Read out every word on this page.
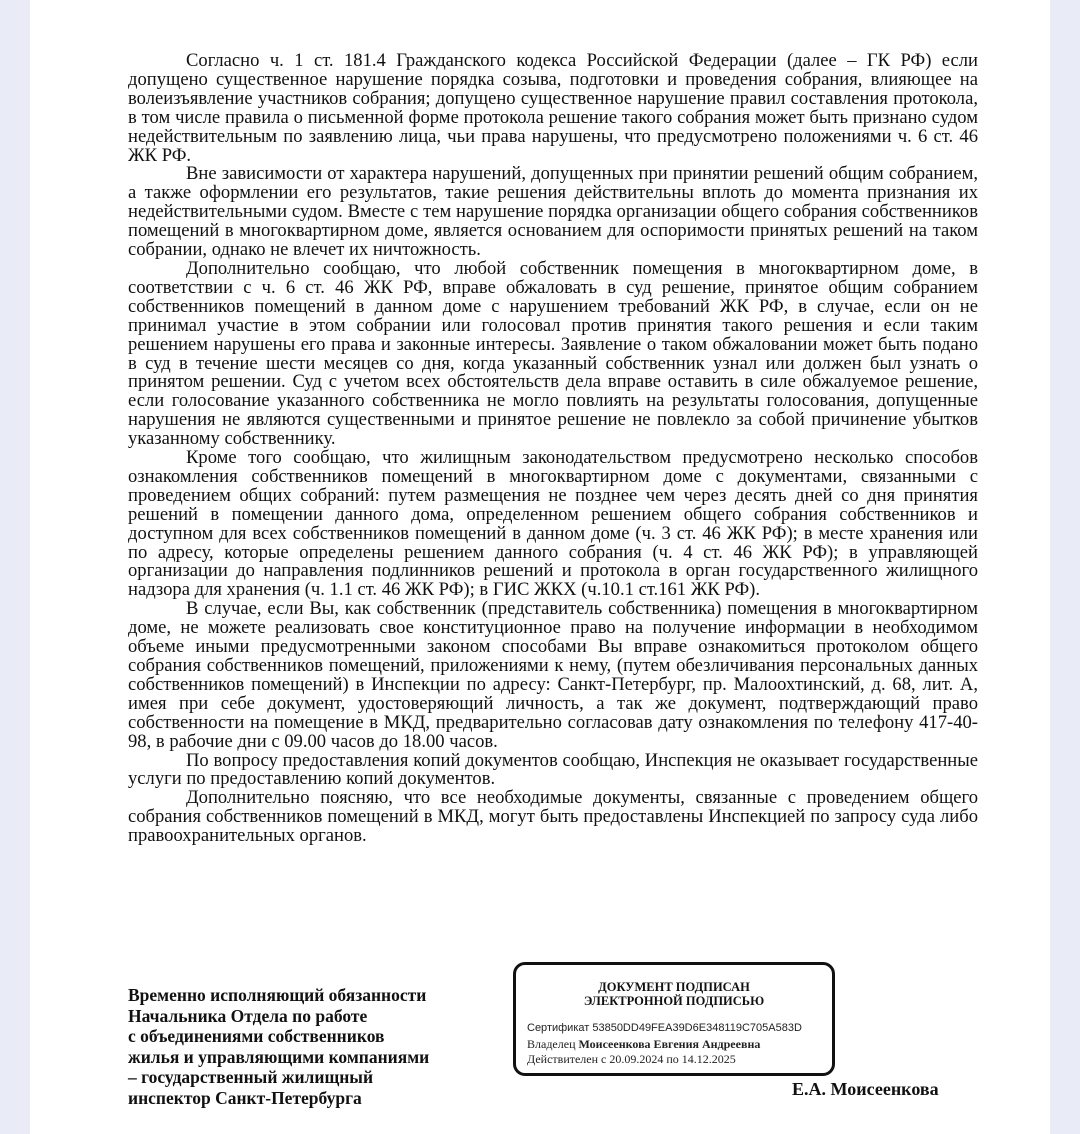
Согласно ч. 1 ст. 181.4 Гражданского кодекса Российской Федерации (далее – ГК РФ) если допущено существенное нарушение порядка созыва, подготовки и проведения собрания, влияющее на волеизъявление участников собрания; допущено существенное нарушение правил составления протокола, в том числе правила о письменной форме протокола решение такого собрания может быть признано судом недействительным по заявлению лица, чьи права нарушены, что предусмотрено положениями ч. 6 ст. 46 ЖК РФ.

Вне зависимости от характера нарушений, допущенных при принятии решений общим собранием, а также оформлении его результатов, такие решения действительны вплоть до момента признания их недействительными судом. Вместе с тем нарушение порядка организации общего собрания собственников помещений в многоквартирном доме, является основанием для оспоримости принятых решений на таком собрании, однако не влечет их ничтожность.

Дополнительно сообщаю, что любой собственник помещения в многоквартирном доме, в соответствии с ч. 6 ст. 46 ЖК РФ, вправе обжаловать в суд решение, принятое общим собранием собственников помещений в данном доме с нарушением требований ЖК РФ, в случае, если он не принимал участие в этом собрании или голосовал против принятия такого решения и если таким решением нарушены его права и законные интересы. Заявление о таком обжаловании может быть подано в суд в течение шести месяцев со дня, когда указанный собственник узнал или должен был узнать о принятом решении. Суд с учетом всех обстоятельств дела вправе оставить в силе обжалуемое решение, если голосование указанного собственника не могло повлиять на результаты голосования, допущенные нарушения не являются существенными и принятое решение не повлекло за собой причинение убытков указанному собственнику.

Кроме того сообщаю, что жилищным законодательством предусмотрено несколько способов ознакомления собственников помещений в многоквартирном доме с документами, связанными с проведением общих собраний: путем размещения не позднее чем через десять дней со дня принятия решений в помещении данного дома, определенном решением общего собрания собственников и доступном для всех собственников помещений в данном доме (ч. 3 ст. 46 ЖК РФ); в месте хранения или по адресу, которые определены решением данного собрания (ч. 4 ст. 46 ЖК РФ); в управляющей организации до направления подлинников решений и протокола в орган государственного жилищного надзора для хранения (ч. 1.1 ст. 46 ЖК РФ); в ГИС ЖКХ (ч.10.1 ст.161 ЖК РФ).

В случае, если Вы, как собственник (представитель собственника) помещения в многоквартирном доме, не можете реализовать свое конституционное право на получение информации в необходимом объеме иными предусмотренными законом способами Вы вправе ознакомиться протоколом общего собрания собственников помещений, приложениями к нему, (путем обезличивания персональных данных собственников помещений) в Инспекции по адресу: Санкт-Петербург, пр. Малоохтинский, д. 68, лит. А, имея при себе документ, удостоверяющий личность, а так же документ, подтверждающий право собственности на помещение в МКД, предварительно согласовав дату ознакомления по телефону 417-40-98, в рабочие дни с 09.00 часов до 18.00 часов.

По вопросу предоставления копий документов сообщаю, Инспекция не оказывает государственные услуги по предоставлению копий документов.

Дополнительно поясняю, что все необходимые документы, связанные с проведением общего собрания собственников помещений в МКД, могут быть предоставлены Инспекцией по запросу суда либо правоохранительных органов.

Временно исполняющий обязанности
Начальника Отдела по работе
с объединениями собственников
жилья и управляющими компаниями
– государственный жилищный
инспектор Санкт-Петербурга
ДОКУМЕНТ ПОДПИСАН
ЭЛЕКТРОННОЙ ПОДПИСЬЮ
Сертификат 53850DD49FEA39D6E348119C705A583D
Владелец Моисеенкова Евгения Андреевна
Действителен с 20.09.2024 по 14.12.2025
Е.А. Моисеенкова
